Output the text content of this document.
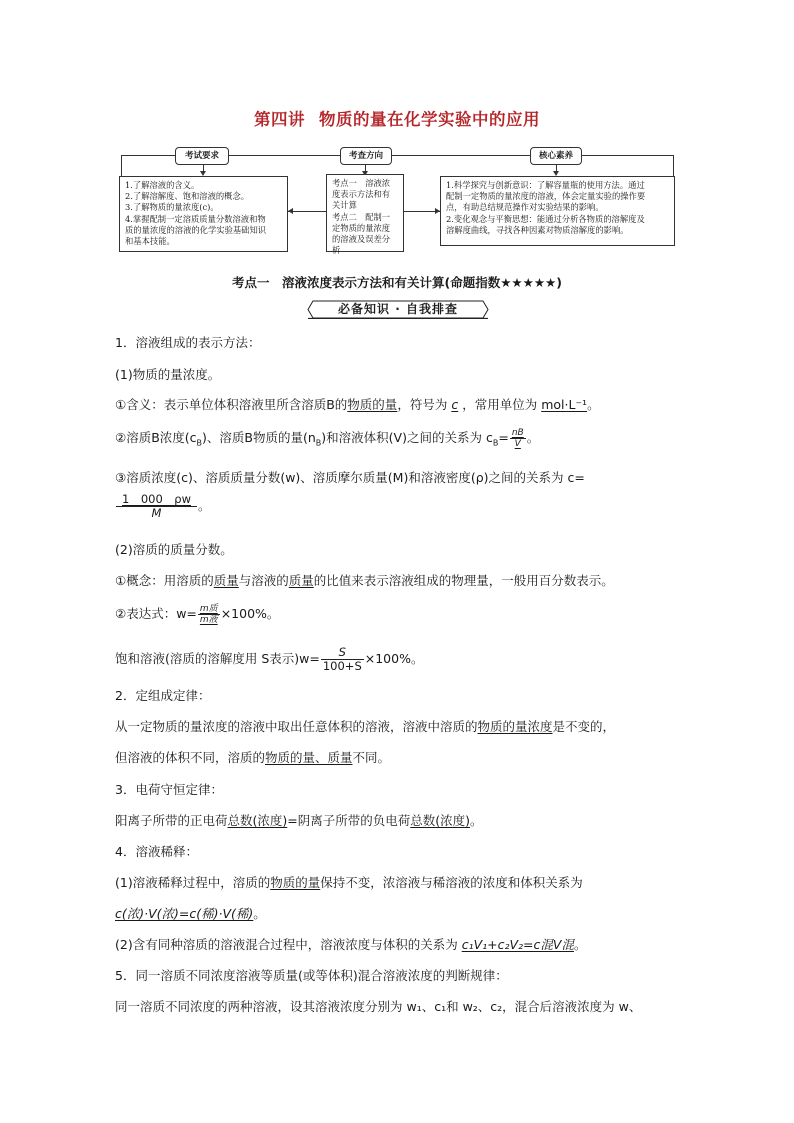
第四讲 物质的量在化学实验中的应用
考试要求	考查方向	核心素养
1.了解溶液的含义。
2.了解溶解度、饱和溶液的概念。
3.了解物质的量浓度(c)。
4.掌握配制一定溶质质量分数溶液和物
质的量浓度的溶液的化学实验基础知识
和基本技能。
考点一　溶液浓
度表示方法和有
关计算
考点二　配制一
定物质的量浓度
的溶液及误差分
析
1.科学探究与创新意识：了解容量瓶的使用方法。通过
配制一定物质的量浓度的溶液，体会定量实验的操作要
点，有助总结规范操作对实验结果的影响。
2.变化观念与平衡思想：能通过分析各物质的溶解度及
溶解度曲线，寻找各种因素对物质溶解度的影响。
考点一　溶液浓度表示方法和有关计算(命题指数★★★★★)
必备知识 · 自我排查
1．溶液组成的表示方法：
(1)物质的量浓度。
①含义：表示单位体积溶液里所含溶质B的物质的量，符号为 c ，常用单位为 mol·L⁻¹。
②溶质B浓度$(c_B)$、溶质B物质的量$(n_B)$和溶液体积(V)之间的关系为 $c_B= \frac{nB}{V}$ 。
③溶质浓度(c)、溶质质量分数(w)、溶质摩尔质量(M)和溶液密度(ρ)之间的关系为 c=
$\frac{1 000 \rho w}{M}$ 。
(2)溶质的质量分数。
①概念：用溶质的质量与溶液的质量的比值来表示溶液组成的物理量，一般用百分数表示。
②表达式：$w= \frac{\text{m质}}{\text{m液}} \times 100\%$。
饱和溶液(溶质的溶解度用 S表示)$w= \frac{S}{100+S} \times 100\%$。
2．定组成定律：
从一定物质的量浓度的溶液中取出任意体积的溶液，溶液中溶质的物质的量浓度是不变的，
但溶液的体积不同，溶质的物质的量、质量不同。
3．电荷守恒定律：
阳离子所带的正电荷总数(浓度)=阴离子所带的负电荷总数(浓度)。
4．溶液稀释：
(1)溶液稀释过程中，溶质的物质的量保持不变，浓溶液与稀溶液的浓度和体积关系为
c(浓)·V(浓)=c(稀)·V(稀)。
(2)含有同种溶质的溶液混合过程中，溶液浓度与体积的关系为 c₁V₁+c₂V₂=c混V混。
5．同一溶质不同浓度溶液等质量(或等体积)混合溶液浓度的判断规律：
同一溶质不同浓度的两种溶液，设其溶液浓度分别为 w₁、c₁和 w₂、c₂，混合后溶液浓度为 w、
